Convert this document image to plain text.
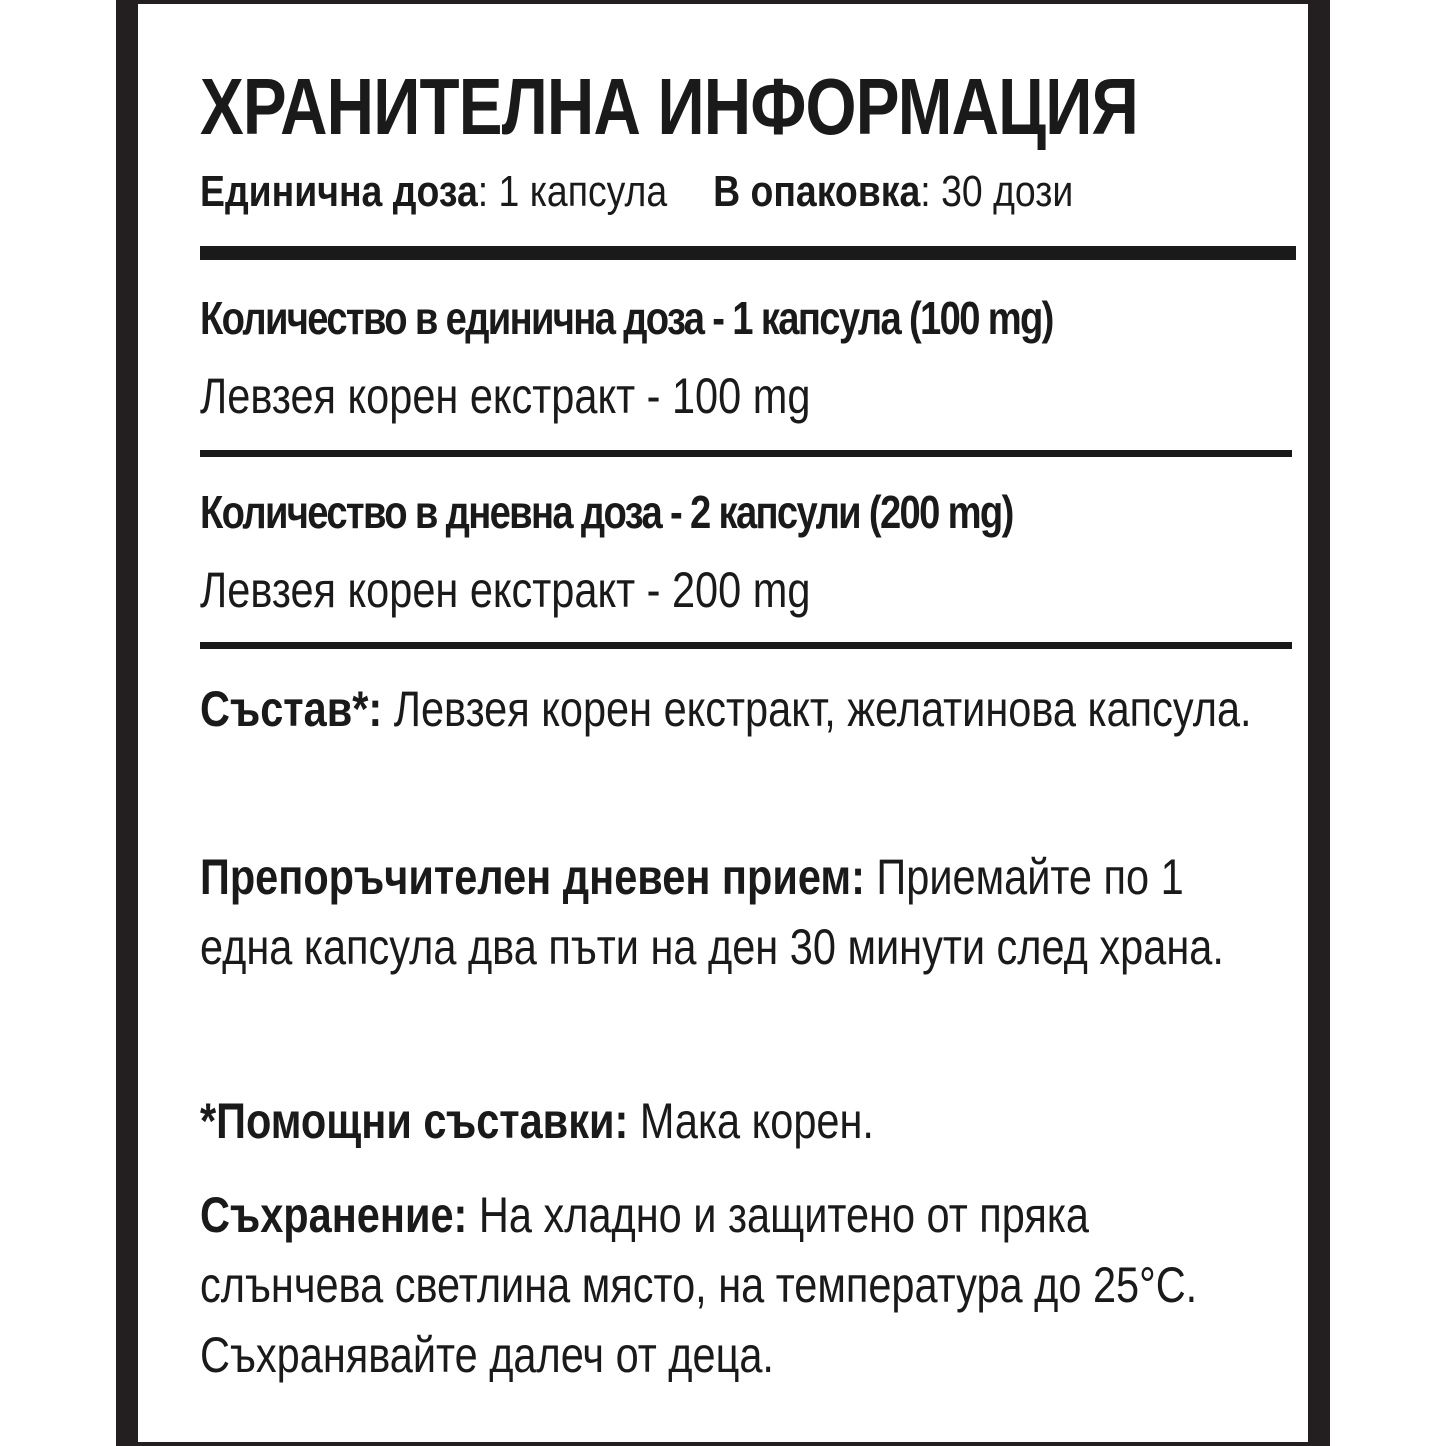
ХРАНИТЕЛНА ИНФОРМАЦИЯ
Единична доза: 1 капсула В опаковка: 30 дози
Количество в единична доза - 1 капсула (100 mg)
Левзея корен екстракт - 100 mg
Количество в дневна доза - 2 капсули (200 mg)
Левзея корен екстракт - 200 mg
Състав*: Левзея корен екстракт, желатинова капсула.
Препоръчителен дневен прием: Приемайте по 1 една капсула два пъти на ден 30 минути след храна.
*Помощни съставки: Мака корен.
Съхранение: На хладно и защитено от пряка слънчева светлина място, на температура до 25°C. Съхранявайте далеч от деца.
